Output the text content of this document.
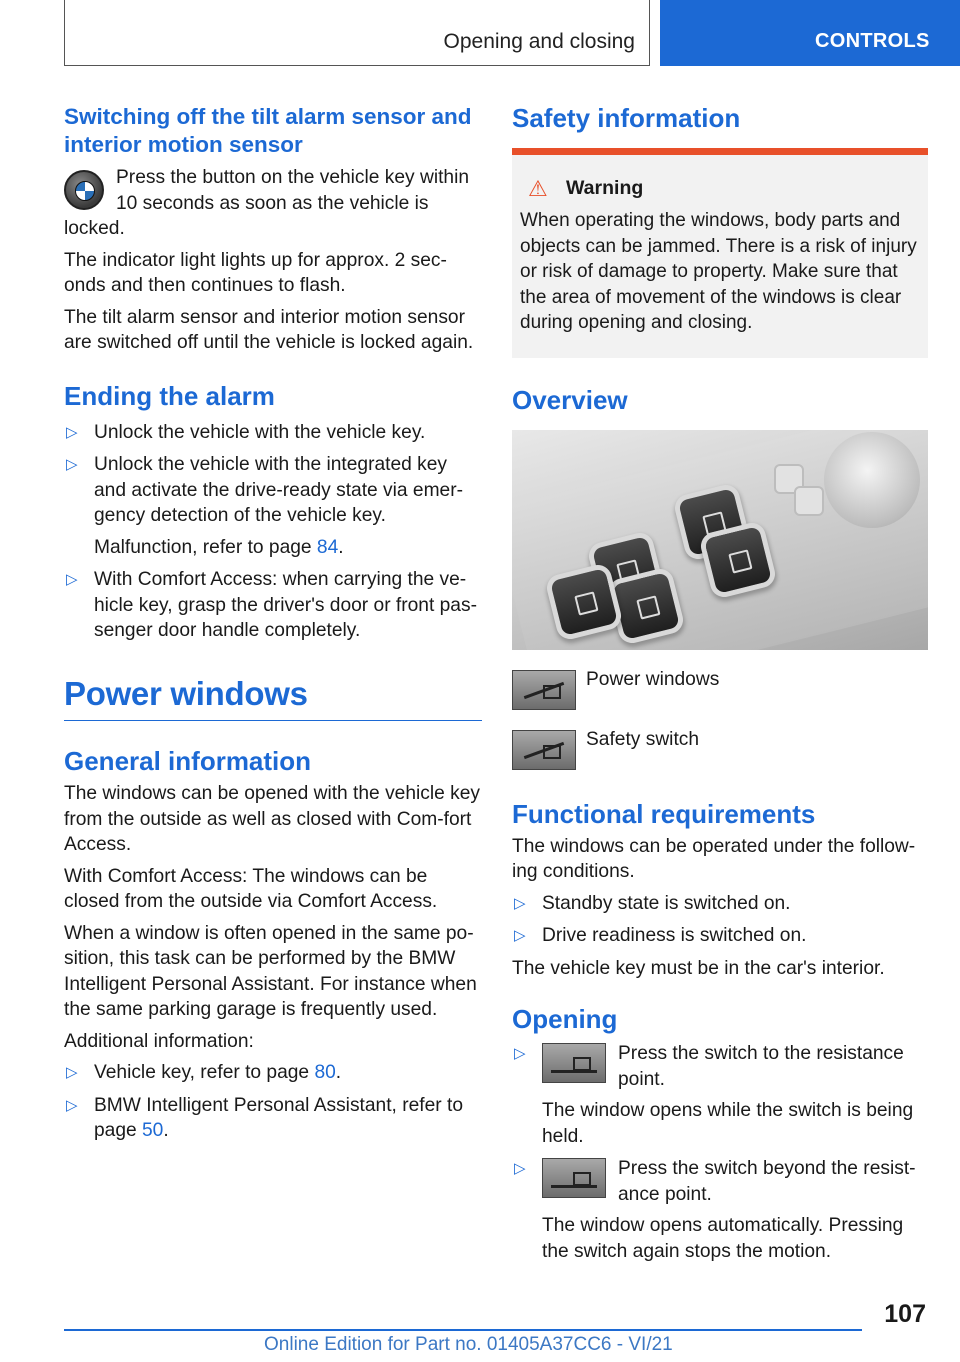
Opening and closing	CONTROLS
Switching off the tilt alarm sensor and interior motion sensor

Press the button on the vehicle key within 10 seconds as soon as the vehicle is locked.

The indicator light lights up for approx. 2 sec-onds and then continues to flash.

The tilt alarm sensor and interior motion sensor are switched off until the vehicle is locked again.

Ending the alarm
▷ Unlock the vehicle with the vehicle key.
▷ Unlock the vehicle with the integrated key and activate the drive-ready state via emer-gency detection of the vehicle key.
Malfunction, refer to page 84.
▷ With Comfort Access: when carrying the ve-hicle key, grasp the driver's door or front pas-senger door handle completely.
Power windows
General information

The windows can be opened with the vehicle key from the outside as well as closed with Com-fort Access.

With Comfort Access: The windows can be closed from the outside via Comfort Access.

When a window is often opened in the same po-sition, this task can be performed by the BMW Intelligent Personal Assistant. For instance when the same parking garage is frequently used.

Additional information:

▷ Vehicle key, refer to page 80.
▷ BMW Intelligent Personal Assistant, refer to page 50.
Safety information
⚠ Warning

When operating the windows, body parts and objects can be jammed. There is a risk of injury or risk of damage to property. Make sure that the area of movement of the windows is clear during opening and closing.

Overview
Power windows
Safety switch
Functional requirements

The windows can be operated under the follow-ing conditions.

▷ Standby state is switched on.
▷ Drive readiness is switched on.

The vehicle key must be in the car's interior.

Opening
▷	Press the switch to the resistance point.
The window opens while the switch is being held.
▷	Press the switch beyond the resist-ance point.
The window opens automatically. Pressing the switch again stops the motion.
107
Online Edition for Part no. 01405A37CC6 - VI/21
